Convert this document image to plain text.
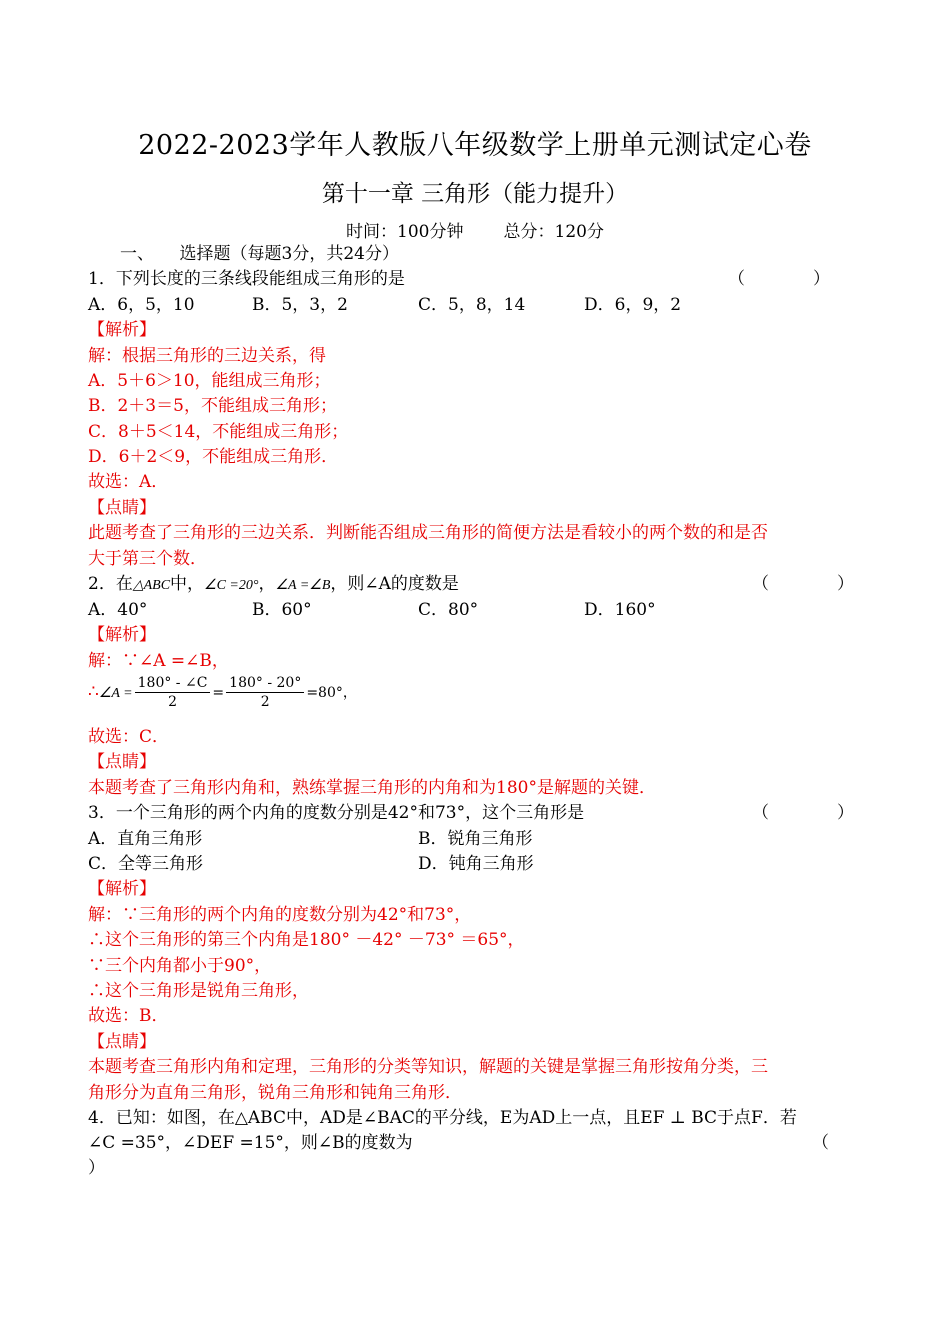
2022-2023学年人教版八年级数学上册单元测试定心卷
第十一章 三角形（能力提升）
时间：100分钟 总分：120分
一、　　选择题（每题3分，共24分）
1．下列长度的三条线段能组成三角形的是	（　　　　）
A．6，5，10	B．5，3，2	C．5，8，14	D．6，9，2
【解析】
解：根据三角形的三边关系，得
A．5＋6＞10，能组成三角形；
B．2＋3＝5，不能组成三角形；
C．8＋5＜14，不能组成三角形；
D．6＋2＜9，不能组成三角形．
故选：A．
【点睛】
此题考查了三角形的三边关系．判断能否组成三角形的简便方法是看较小的两个数的和是否
大于第三个数．
2．在△ABC中，∠C =20°，∠A =∠B，则∠A的度数是	（　　　　）
A．40°	B．60°	C．80°	D．160°
【解析】
解：∵∠A =∠B，
∴∠A = $\frac{180^\circ - \angle C}{2} = \frac{180^\circ - 20^\circ}{2} =80^\circ$，
故选：C．
【点睛】
本题考查了三角形内角和，熟练掌握三角形的内角和为180°是解题的关键．
3．一个三角形的两个内角的度数分别是42°和73°，这个三角形是	（　　　　）
A．直角三角形	B．锐角三角形
C．全等三角形	D．钝角三角形
【解析】
解：∵三角形的两个内角的度数分别为42°和73°，
∴这个三角形的第三个内角是180° －42° －73° ＝65°，
∵三个内角都小于90°，
∴这个三角形是锐角三角形，
故选：B．
【点睛】
本题考查三角形内角和定理，三角形的分类等知识，解题的关键是掌握三角形按角分类，三
角形分为直角三角形，锐角三角形和钝角三角形．
4．已知：如图，在△ABC中，AD是∠BAC的平分线，E为AD上一点，且EF ⊥ BC于点F．若
∠C =35°，∠DEF =15°，则∠B的度数为	（
）
